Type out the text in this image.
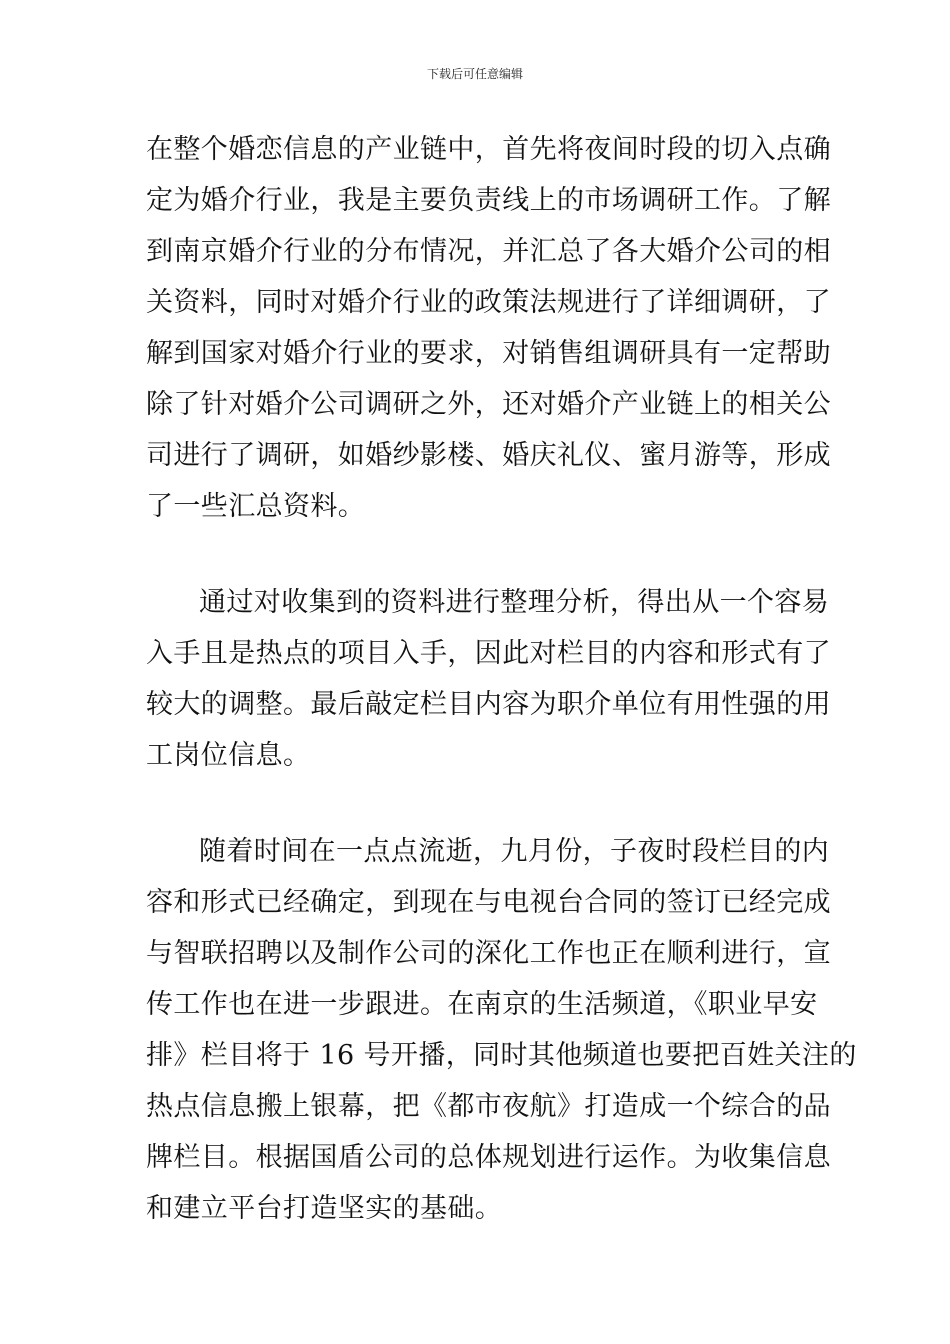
下载后可任意编辑
在整个婚恋信息的产业链中，首先将夜间时段的切入点确
定为婚介行业，我是主要负责线上的市场调研工作。了解
到南京婚介行业的分布情况，并汇总了各大婚介公司的相
关资料，同时对婚介行业的政策法规进行了详细调研，了
解到国家对婚介行业的要求，对销售组调研具有一定帮助
除了针对婚介公司调研之外，还对婚介产业链上的相关公
司进行了调研，如婚纱影楼、婚庆礼仪、蜜月游等，形成
了一些汇总资料。
通过对收集到的资料进行整理分析，得出从一个容易
入手且是热点的项目入手，因此对栏目的内容和形式有了
较大的调整。最后敲定栏目内容为职介单位有用性强的用
工岗位信息。
随着时间在一点点流逝，九月份，子夜时段栏目的内
容和形式已经确定，到现在与电视台合同的签订已经完成
与智联招聘以及制作公司的深化工作也正在顺利进行，宣
传工作也在进一步跟进。在南京的生活频道，《职业早安
排》栏目将于 16 号开播，同时其他频道也要把百姓关注的
热点信息搬上银幕，把《都市夜航》打造成一个综合的品
牌栏目。根据国盾公司的总体规划进行运作。为收集信息
和建立平台打造坚实的基础。
